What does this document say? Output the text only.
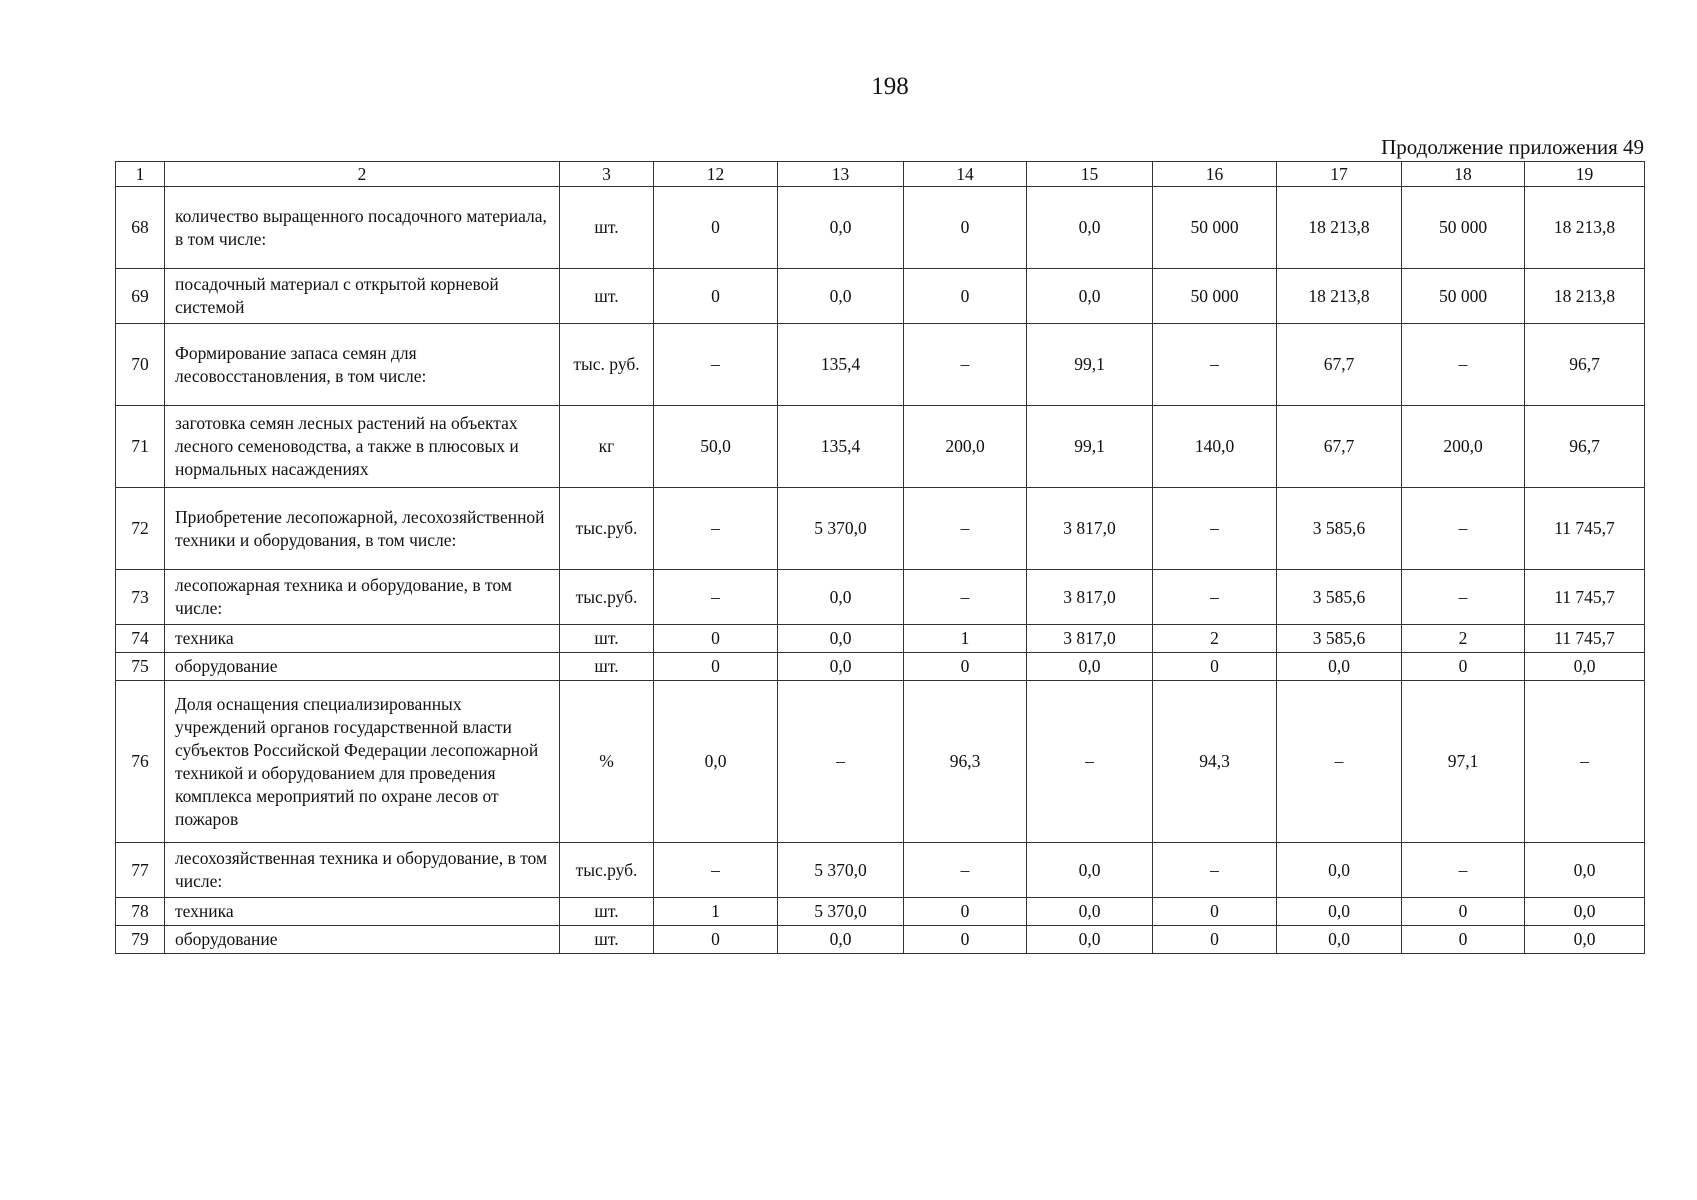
198
Продолжение приложения 49
1	2	3	12	13	14	15	16	17	18	19
68	количество выращенного посадочного материала, в том числе:	шт.	0	0,0	0	0,0	50 000	18 213,8	50 000	18 213,8
69	посадочный материал с открытой корневой системой	шт.	0	0,0	0	0,0	50 000	18 213,8	50 000	18 213,8
70	Формирование запаса семян для лесовосстановления, в том числе:	тыс. руб.	–	135,4	–	99,1	–	67,7	–	96,7
71	заготовка семян лесных растений на объектах лесного семеноводства, а также в плюсовых и нормальных насаждениях	кг	50,0	135,4	200,0	99,1	140,0	67,7	200,0	96,7
72	Приобретение лесопожарной, лесохозяйственной техники и оборудования, в том числе:	тыс.руб.	–	5 370,0	–	3 817,0	–	3 585,6	–	11 745,7
73	лесопожарная техника и оборудование, в том числе:	тыс.руб.	–	0,0	–	3 817,0	–	3 585,6	–	11 745,7
74	техника	шт.	0	0,0	1	3 817,0	2	3 585,6	2	11 745,7
75	оборудование	шт.	0	0,0	0	0,0	0	0,0	0	0,0
76	Доля оснащения специализированных учреждений органов государственной власти субъектов Российской Федерации лесопожарной техникой и оборудованием для проведения комплекса мероприятий по охране лесов от пожаров	%	0,0	–	96,3	–	94,3	–	97,1	–
77	лесохозяйственная техника и оборудование, в том числе:	тыс.руб.	–	5 370,0	–	0,0	–	0,0	–	0,0
78	техника	шт.	1	5 370,0	0	0,0	0	0,0	0	0,0
79	оборудование	шт.	0	0,0	0	0,0	0	0,0	0	0,0
